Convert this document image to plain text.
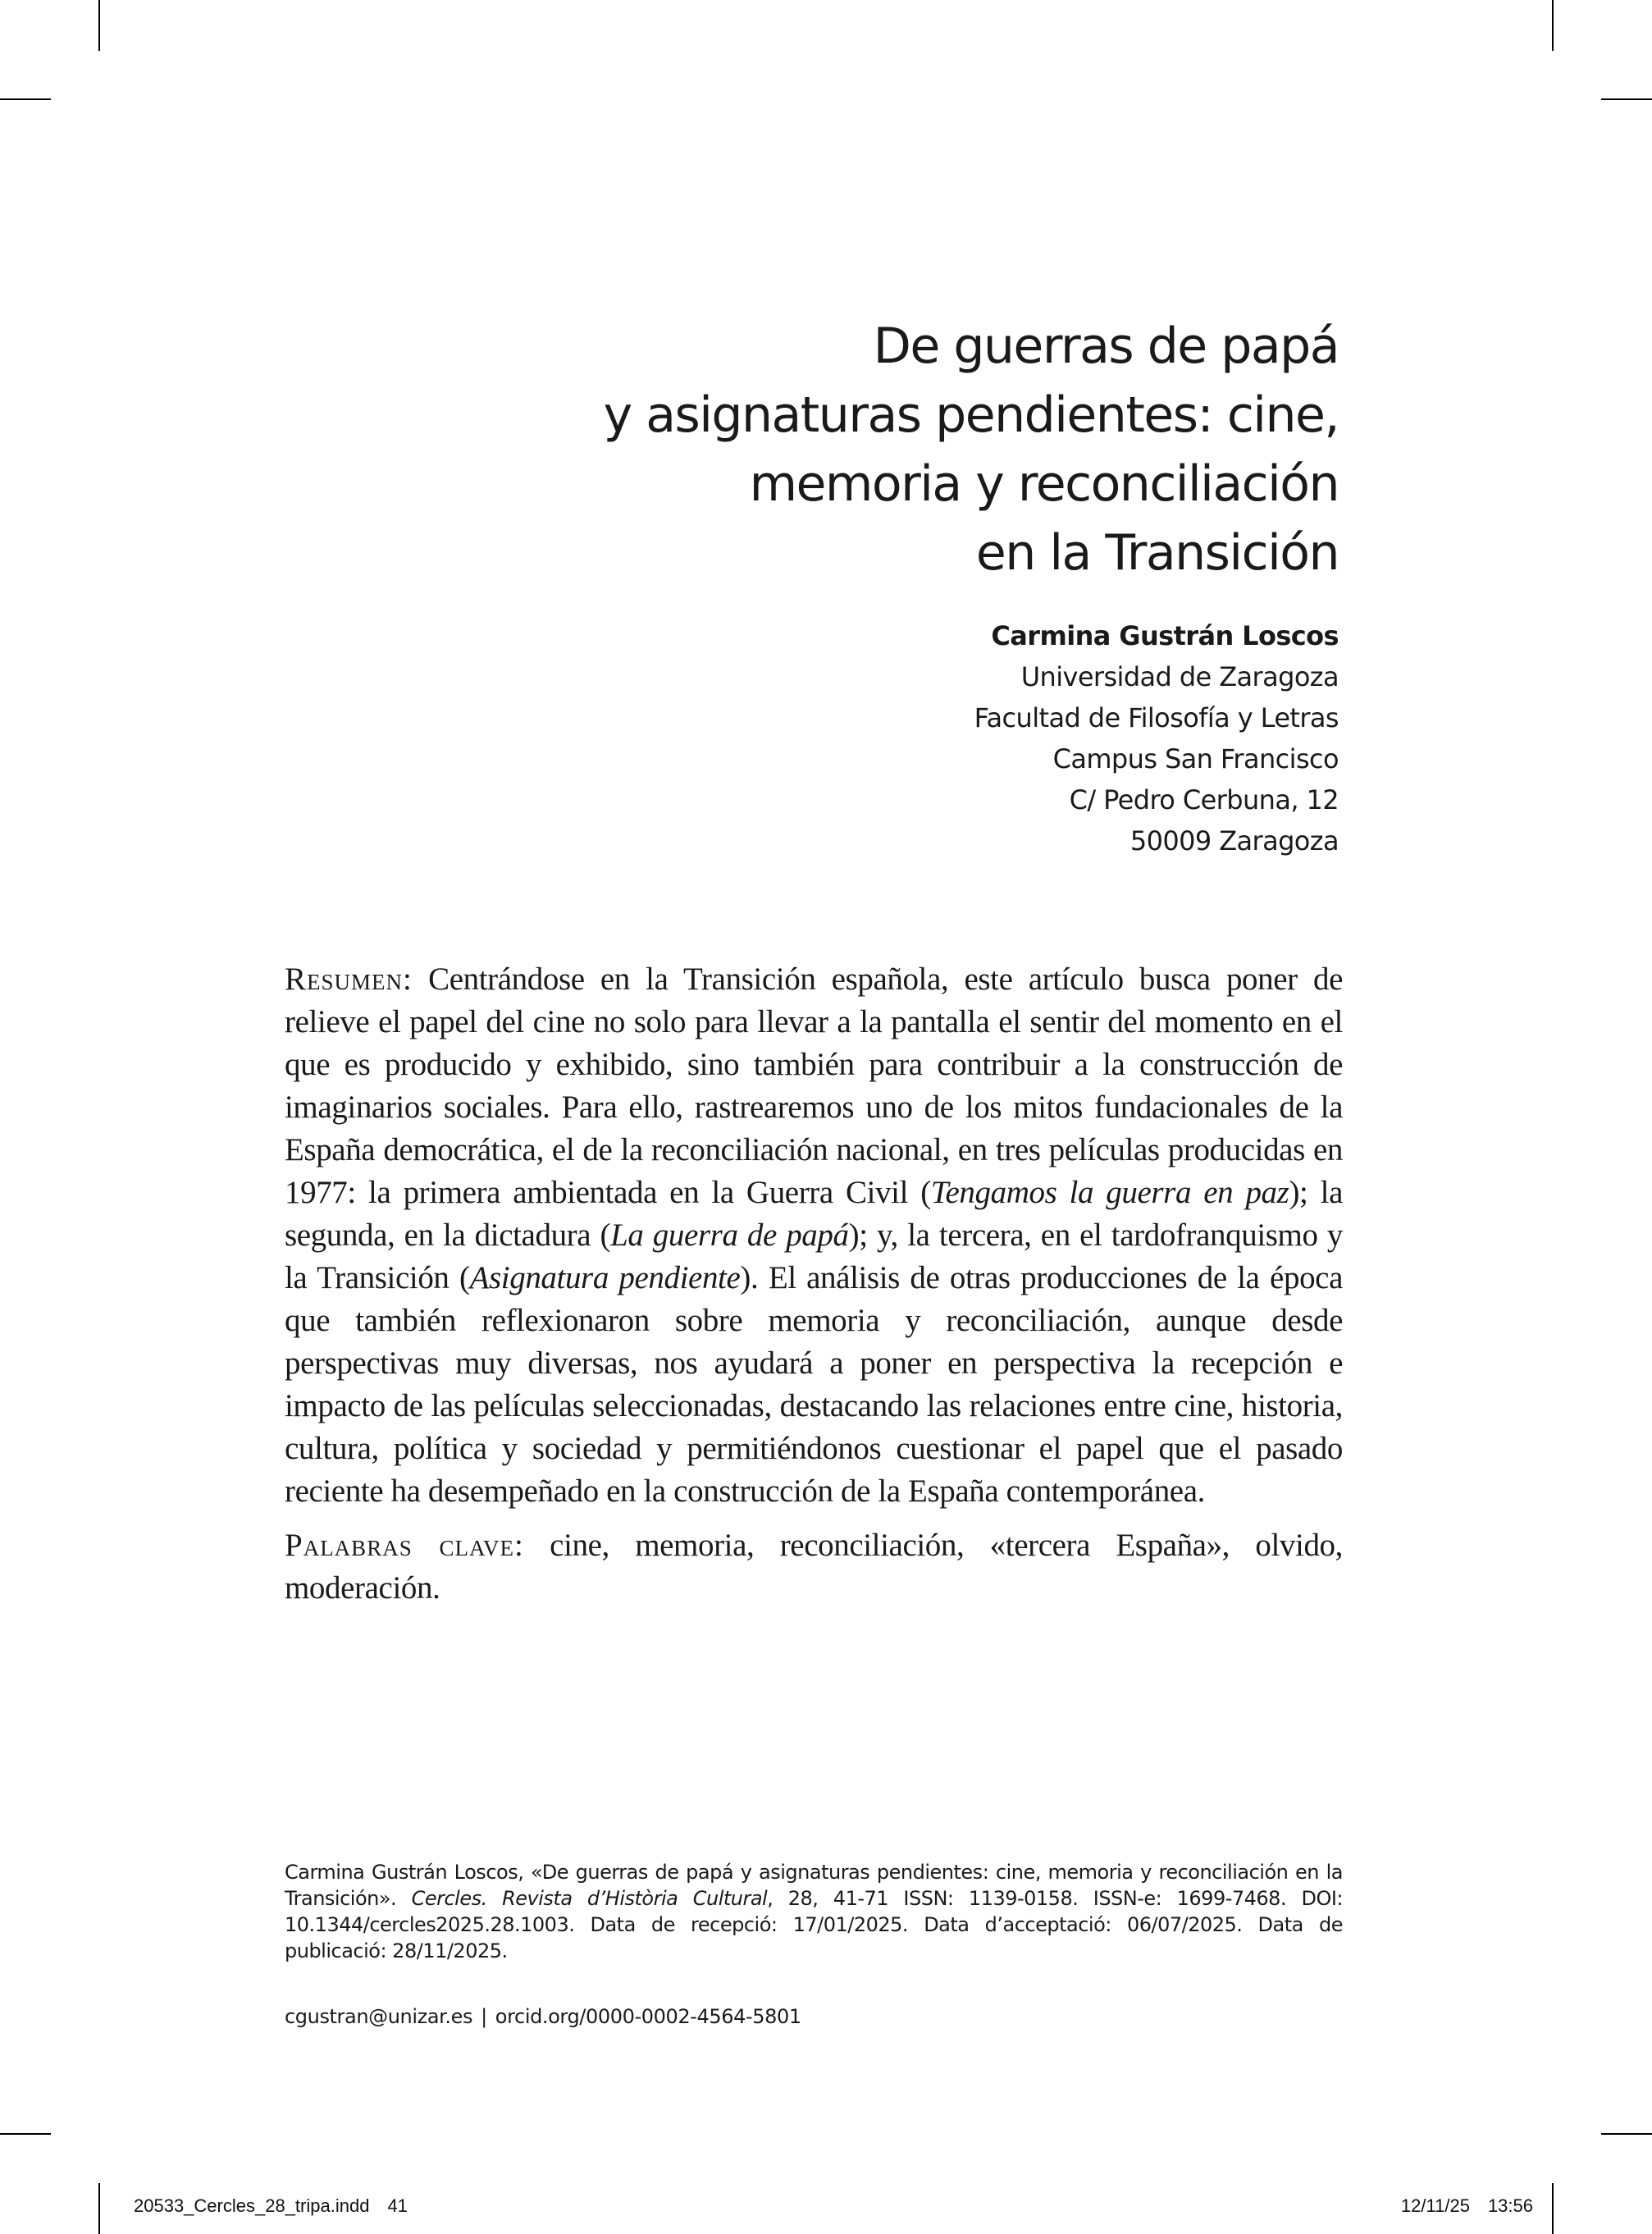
De guerras de papá
y asignaturas pendientes: cine,
memoria y reconciliación
en la Transición
Carmina Gustrán Loscos
Universidad de Zaragoza
Facultad de Filosofía y Letras
Campus San Francisco
C/ Pedro Cerbuna, 12
50009 Zaragoza

Resumen: Centrándose en la Transición española, este artículo busca poner de relieve el papel del cine no solo para llevar a la pantalla el sentir del momento en el que es producido y exhibido, sino también para contribuir a la construcción de imaginarios sociales. Para ello, rastrearemos uno de los mitos fundacionales de la España democrática, el de la reconciliación nacional, en tres películas producidas en 1977: la primera ambientada en la Guerra Civil (Tengamos la guerra en paz); la segunda, en la dictadura (La guerra de papá); y, la tercera, en el tardofranquismo y la Transición (Asignatura pendiente). El análisis de otras producciones de la época que también reflexionaron sobre memoria y reconciliación, aunque desde perspectivas muy diversas, nos ayudará a poner en perspectiva la recepción e impacto de las películas seleccionadas, destacando las relaciones entre cine, historia, cultura, política y sociedad y permitiéndonos cuestionar el papel que el pasado reciente ha desempeñado en la construcción de la España contemporánea.

Palabras clave: cine, memoria, reconciliación, «tercera España», olvido, moderación.

Carmina Gustrán Loscos, «De guerras de papá y asignaturas pendientes: cine, memoria y reconciliación en la Transición». Cercles. Revista d’Història Cultural, 28, 41-71 ISSN: 1139-0158. ISSN-e: 1699-7468. DOI: 10.1344/cercles2025.28.1003. Data de recepció: 17/01/2025. Data d’acceptació: 06/07/2025. Data de publicació: 28/11/2025.

cgustran@unizar.es | orcid.org/0000-0002-4564-5801
20533_Cercles_28_tripa.indd 41	12/11/25 13:56
